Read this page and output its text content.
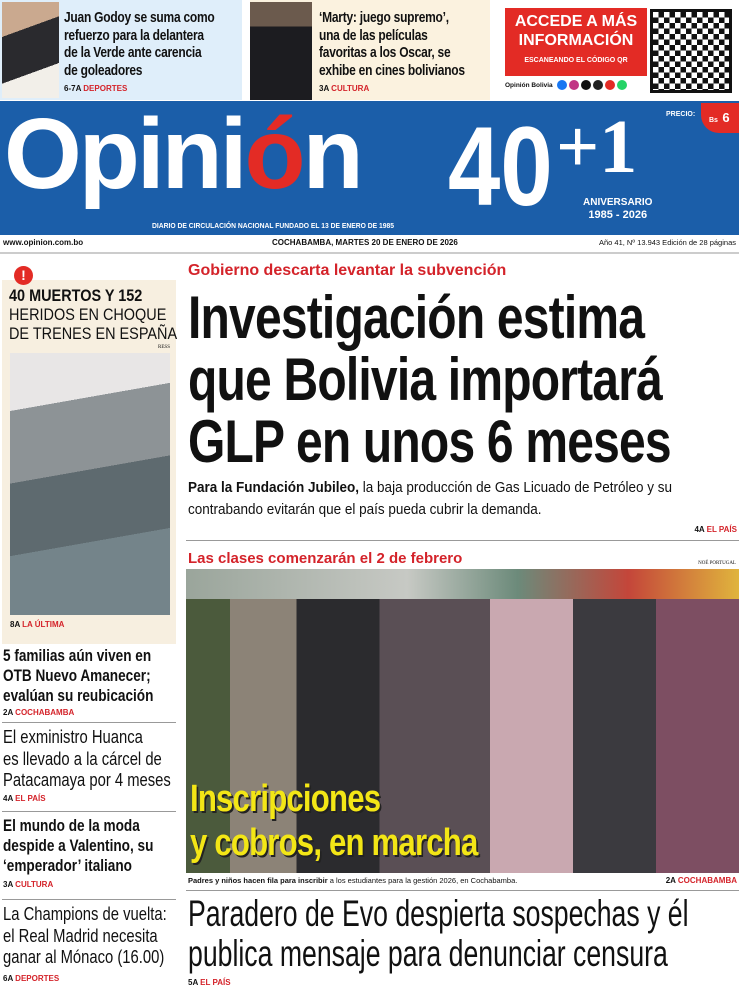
Juan Godoy se suma como
refuerzo para la delantera
de la Verde ante carencia
de goleadores
6-7A DEPORTES
‘Marty: juego supremo’,
una de las películas
favoritas a los Oscar, se
exhibe en cines bolivianos
3A CULTURA
ACCEDE A MÁS
INFORMACIÓN
ESCANEANDO EL CÓDIGO QR
Opinión Bolivia
Opinión 40 +1
ANIVERSARIO
1985 - 2026
DIARIO DE CIRCULACIÓN NACIONAL FUNDADO EL 13 DE ENERO DE 1985
PRECIO:
Bs 6
www.opinion.com.bo	COCHABAMBA, MARTES 20 DE ENERO DE 2026	Año 41, Nº 13.943 Edición de 28 páginas
!
40 MUERTOS Y 152
HERIDOS EN CHOQUE
DE TRENES EN ESPAÑA
RESS
8A LA ÚLTIMA
5 familias aún viven en
OTB Nuevo Amanecer;
evalúan su reubicación
2A COCHABAMBA
El exministro Huanca
es llevado a la cárcel de
Patacamaya por 4 meses
4A EL PAÍS
El mundo de la moda
despide a Valentino, su
‘emperador’ italiano
3A CULTURA
La Champions de vuelta:
el Real Madrid necesita
ganar al Mónaco (16.00)
6A DEPORTES
Gobierno descarta levantar la subvención
Investigación estima
que Bolivia importará
GLP en unos 6 meses
Para la Fundación Jubileo, la baja producción de Gas Licuado de Petróleo y su
contrabando evitarán que el país pueda cubrir la demanda.
4A EL PAÍS
Las clases comenzarán el 2 de febrero	NOÉ PORTUGAL
Inscripciones
y cobros, en marcha
Padres y niños hacen fila para inscribir a los estudiantes para la gestión 2026, en Cochabamba.	2A COCHABAMBA
Paradero de Evo despierta sospechas y él
publica mensaje para denunciar censura
5A EL PAÍS
